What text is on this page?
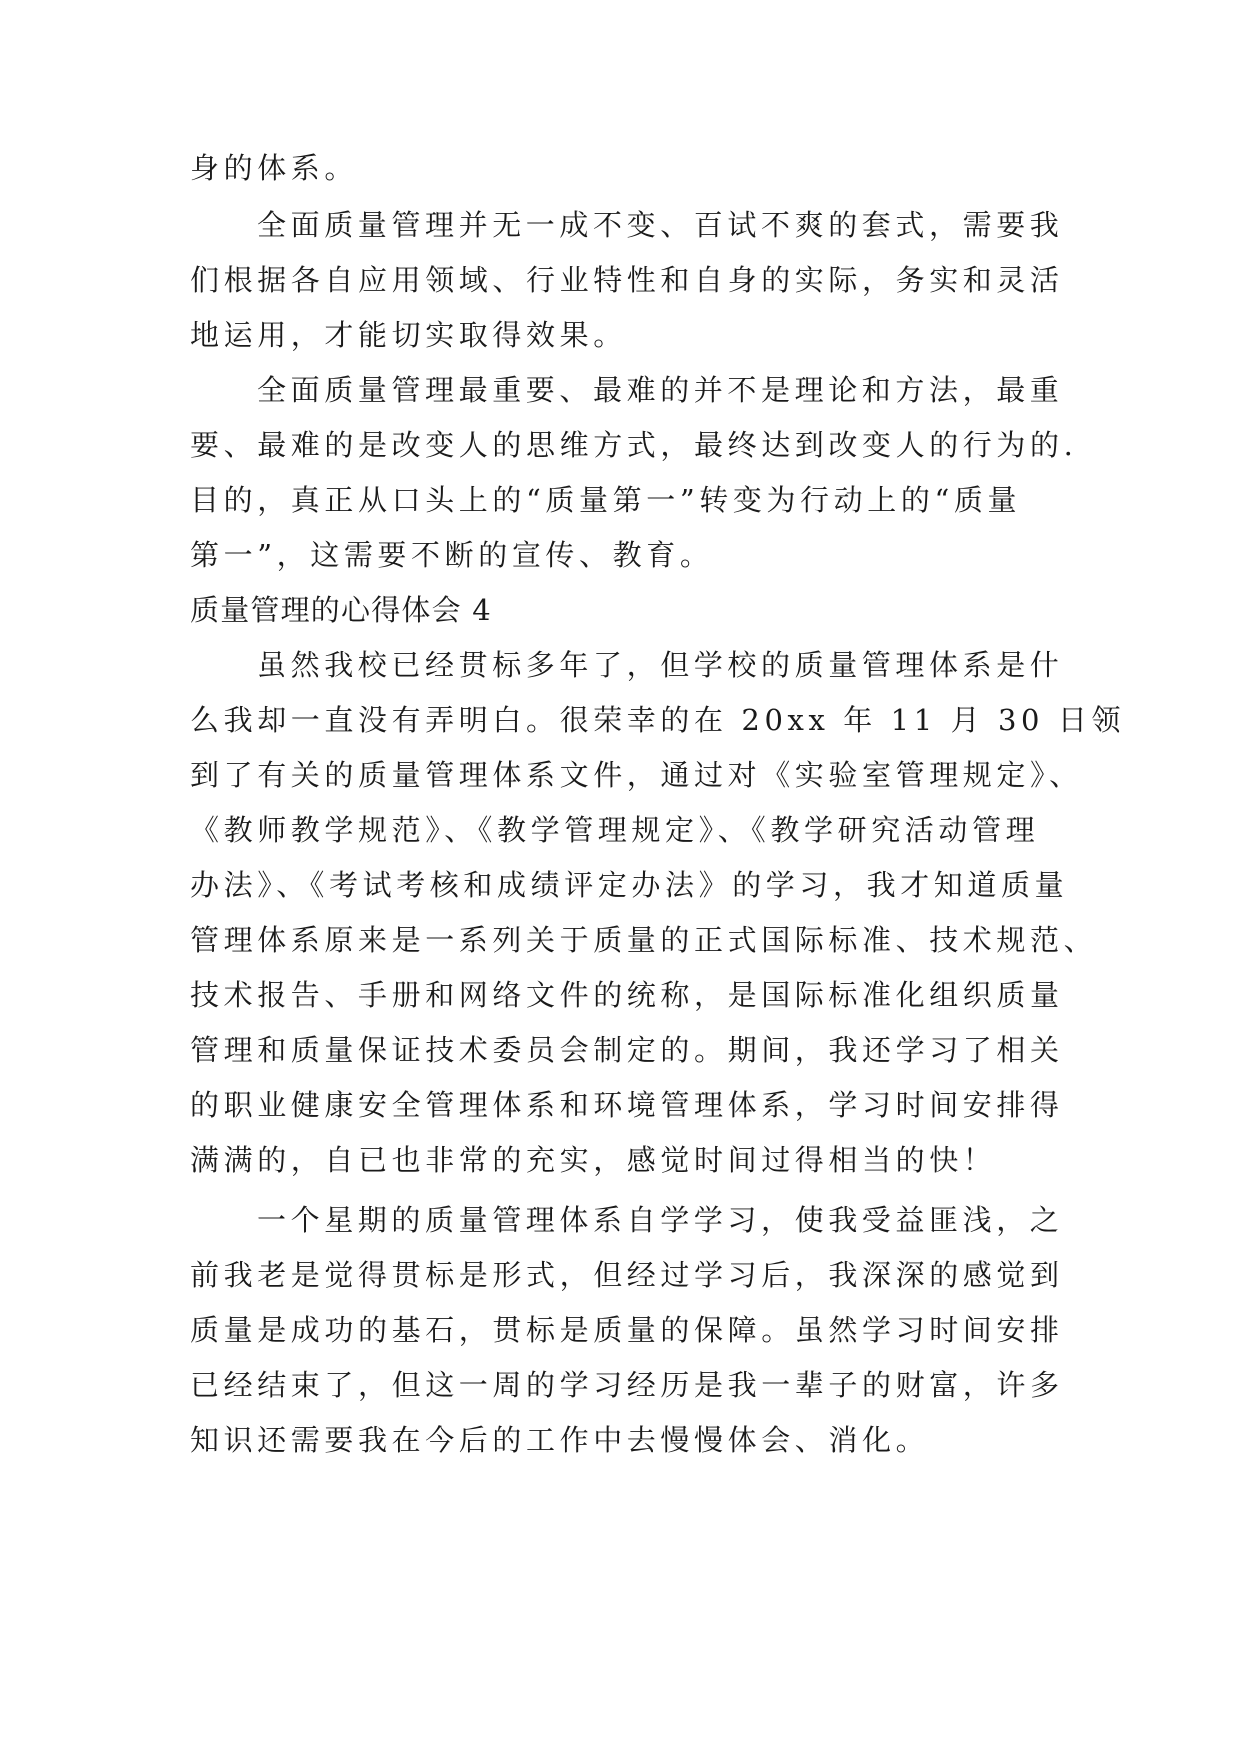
身的体系。
全面质量管理并无一成不变、百试不爽的套式，需要我
们根据各自应用领域、行业特性和自身的实际，务实和灵活
地运用，才能切实取得效果。
全面质量管理最重要、最难的并不是理论和方法，最重
要、最难的是改变人的思维方式，最终达到改变人的行为的.
目的，真正从口头上的“质量第一”转变为行动上的“质量
第一”，这需要不断的宣传、教育。
质量管理的心得体会 4
虽然我校已经贯标多年了，但学校的质量管理体系是什
么我却一直没有弄明白。很荣幸的在 20xx 年 11 月 30 日领
到了有关的质量管理体系文件，通过对《实验室管理规定》、
《教师教学规范》、《教学管理规定》、《教学研究活动管理
办法》、《考试考核和成绩评定办法》的学习，我才知道质量
管理体系原来是一系列关于质量的正式国际标准、技术规范、
技术报告、手册和网络文件的统称，是国际标准化组织质量
管理和质量保证技术委员会制定的。期间，我还学习了相关
的职业健康安全管理体系和环境管理体系，学习时间安排得
满满的，自已也非常的充实，感觉时间过得相当的快！
一个星期的质量管理体系自学学习，使我受益匪浅，之
前我老是觉得贯标是形式，但经过学习后，我深深的感觉到
质量是成功的基石，贯标是质量的保障。虽然学习时间安排
已经结束了，但这一周的学习经历是我一辈子的财富，许多
知识还需要我在今后的工作中去慢慢体会、消化。
